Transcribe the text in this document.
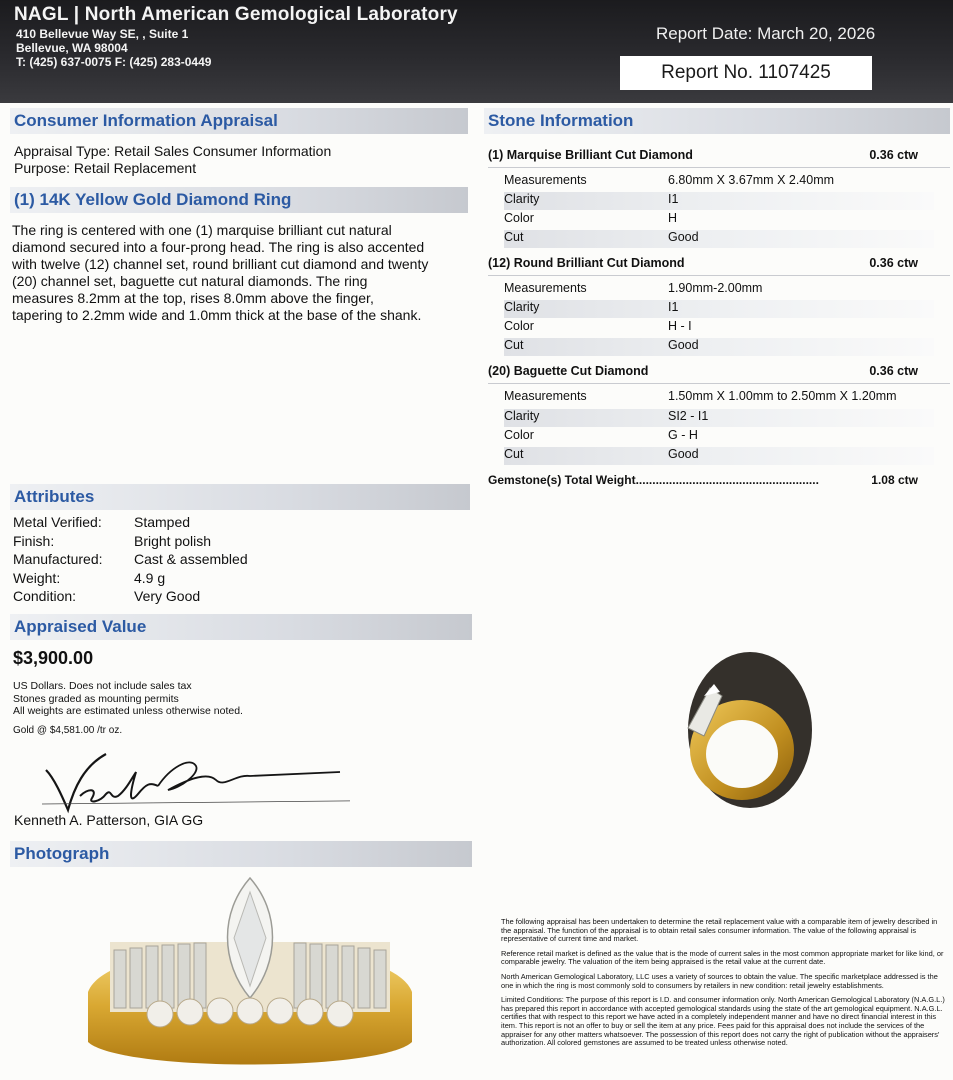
NAGL | North American Gemological Laboratory
410 Bellevue Way SE, , Suite 1
Bellevue, WA 98004
T: (425) 637-0075 F: (425) 283-0449
Report Date: March 20, 2026
Report No. 1107425
Consumer Information Appraisal
Appraisal Type: Retail Sales Consumer Information
Purpose: Retail Replacement
(1) 14K Yellow Gold Diamond Ring
The ring is centered with one (1) marquise brilliant cut natural
diamond secured into a four-prong head. The ring is also accented
with twelve (12) channel set, round brilliant cut diamond and twenty
(20) channel set, baguette cut natural diamonds. The ring
measures 8.2mm at the top, rises 8.0mm above the finger,
tapering to 2.2mm wide and 1.0mm thick at the base of the shank.
Attributes
Metal Verified: Stamped
Finish:	Bright polish
Manufactured: Cast & assembled
Weight:	4.9 g
Condition:	Very Good
Appraised Value
$3,900.00
US Dollars. Does not include sales tax
Stones graded as mounting permits
All weights are estimated unless otherwise noted.
Gold @ $4,581.00 /tr oz.
Kenneth A. Patterson, GIA GG
Photograph
Stone Information
(1) Marquise Brilliant Cut Diamond	0.36 ctw
Measurements	6.80mm X 3.67mm X 2.40mm
Clarity	I1
Color	H
Cut	Good
(12) Round Brilliant Cut Diamond	0.36 ctw
Measurements	1.90mm-2.00mm
Clarity	I1
Color	H - I
Cut	Good
(20) Baguette Cut Diamond	0.36 ctw
Measurements	1.50mm X 1.00mm to 2.50mm X 1.20mm
Clarity	SI2 - I1
Color	G - H
Cut	Good
Gemstone(s) Total Weight.......................................................	1.08 ctw

The following appraisal has been undertaken to determine the retail replacement value with a comparable item of jewelry described in the appraisal. The function of the appraisal is to obtain retail sales consumer information. The value of the following appraisal is representative of current time and market.

Reference retail market is defined as the value that is the mode of current sales in the most common appropriate market for like kind, or comparable jewelry. The valuation of the item being appraised is the retail value at the current date.

North American Gemological Laboratory, LLC uses a variety of sources to obtain the value. The specific marketplace addressed is the one in which the ring is most commonly sold to consumers by retailers in new condition: retail jewelry establishments.

Limited Conditions: The purpose of this report is I.D. and consumer information only. North American Gemological Laboratory (N.A.G.L.) has prepared this report in accordance with accepted gemological standards using the state of the art gemological equipment. N.A.G.L. certifies that with respect to this report we have acted in a completely independent manner and have no direct financial interest in this item. This report is not an offer to buy or sell the item at any price. Fees paid for this appraisal does not include the services of the appraiser for any other matters whatsoever. The possession of this report does not carry the right of publication without the appraisers' authorization. All colored gemstones are assumed to be treated unless otherwise noted.
